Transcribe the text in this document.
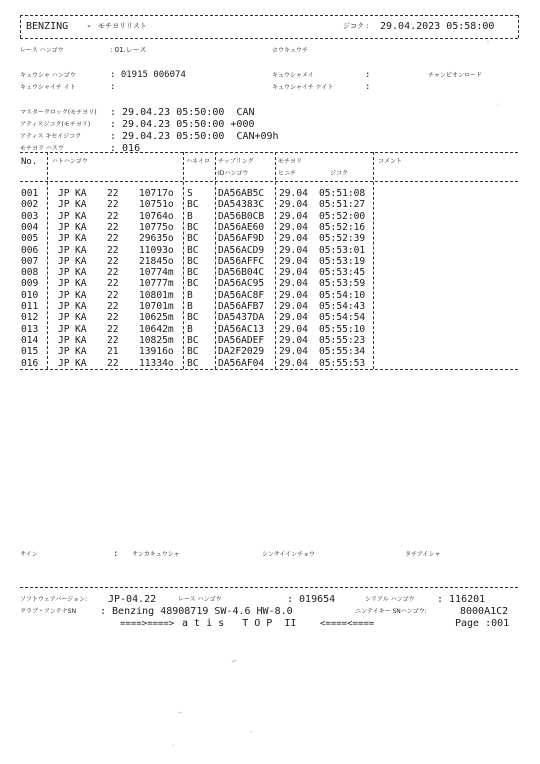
BENZING - モチヨリリスト	ジコク : 29.04.2023 05:58:00
レース ハンゴウ	: 01.レース	ホウキュウチ
キュウシャ ハンゴウ	: 01915 006074	キュウシャメイ	:	チャンピオンロード
キュウシャイチ イト	:	キュウシャイチ ケイト	:
マスタークロック(モチヨリ) : 29.04.23 05:50:00  CAN
アティスジコク(モチヨリ) : 29.04.23 05:50:00 +000
アティス キセイジコク	: 29.04.23 05:50:00  CAN+09h
モチヨリ ハスウ	: 016
No. ハトハンゴウ	ハネイロ チップリング
IDハンゴウ
モチヨリ
ヒニチ	ジコク
コメント
001 JP KA 22 10717o S	DA56AB5C 29.04 05:51:08
002 JP KA 22 10751o BC DA54383C 29.04 05:51:27
003 JP KA 22 10764o B	DA56B0CB 29.04 05:52:00
004 JP KA 22 10775o BC DA56AE60 29.04 05:52:16
005 JP KA 22 29635o BC DA56AF9D 29.04 05:52:39
006 JP KA 22 11093o BC DA56ACD9 29.04 05:53:01
007 JP KA 22 21845o BC DA56AFFC 29.04 05:53:19
008 JP KA 22 10774m BC DA56B04C 29.04 05:53:45
009 JP KA 22 10777m BC DA56AC95 29.04 05:53:59
010 JP KA 22 10801m B	DA56AC8F 29.04 05:54:10
011 JP KA 22 10701m B	DA56AFB7 29.04 05:54:43
012 JP KA 22 10625m BC DA5437DA 29.04 05:54:54
013 JP KA 22 10642m B	DA56AC13 29.04 05:55:10
014 JP KA 22 10825m BC DA56ADEF 29.04 05:55:23
015 JP KA 21 13916o BC DA2F2029 29.04 05:55:34
016 JP KA 22 11334o BC DA56AF04 29.04 05:55:53
サイン	: サンカキュウシャ	シンサイインチョウ	タチアイシャ
ソフトウェアバージョン: JP-04.22	レース ハンゴウ	: 019654	シリアル ハンゴウ : 116201
クラブ・アンテナSN : Benzing 48908719 SW-4.6 HW-8.0	ニンテイキー SNハンゴウ:	8000A1C2
====>====> a t i s   T O P  II	<====<====	Page :001
